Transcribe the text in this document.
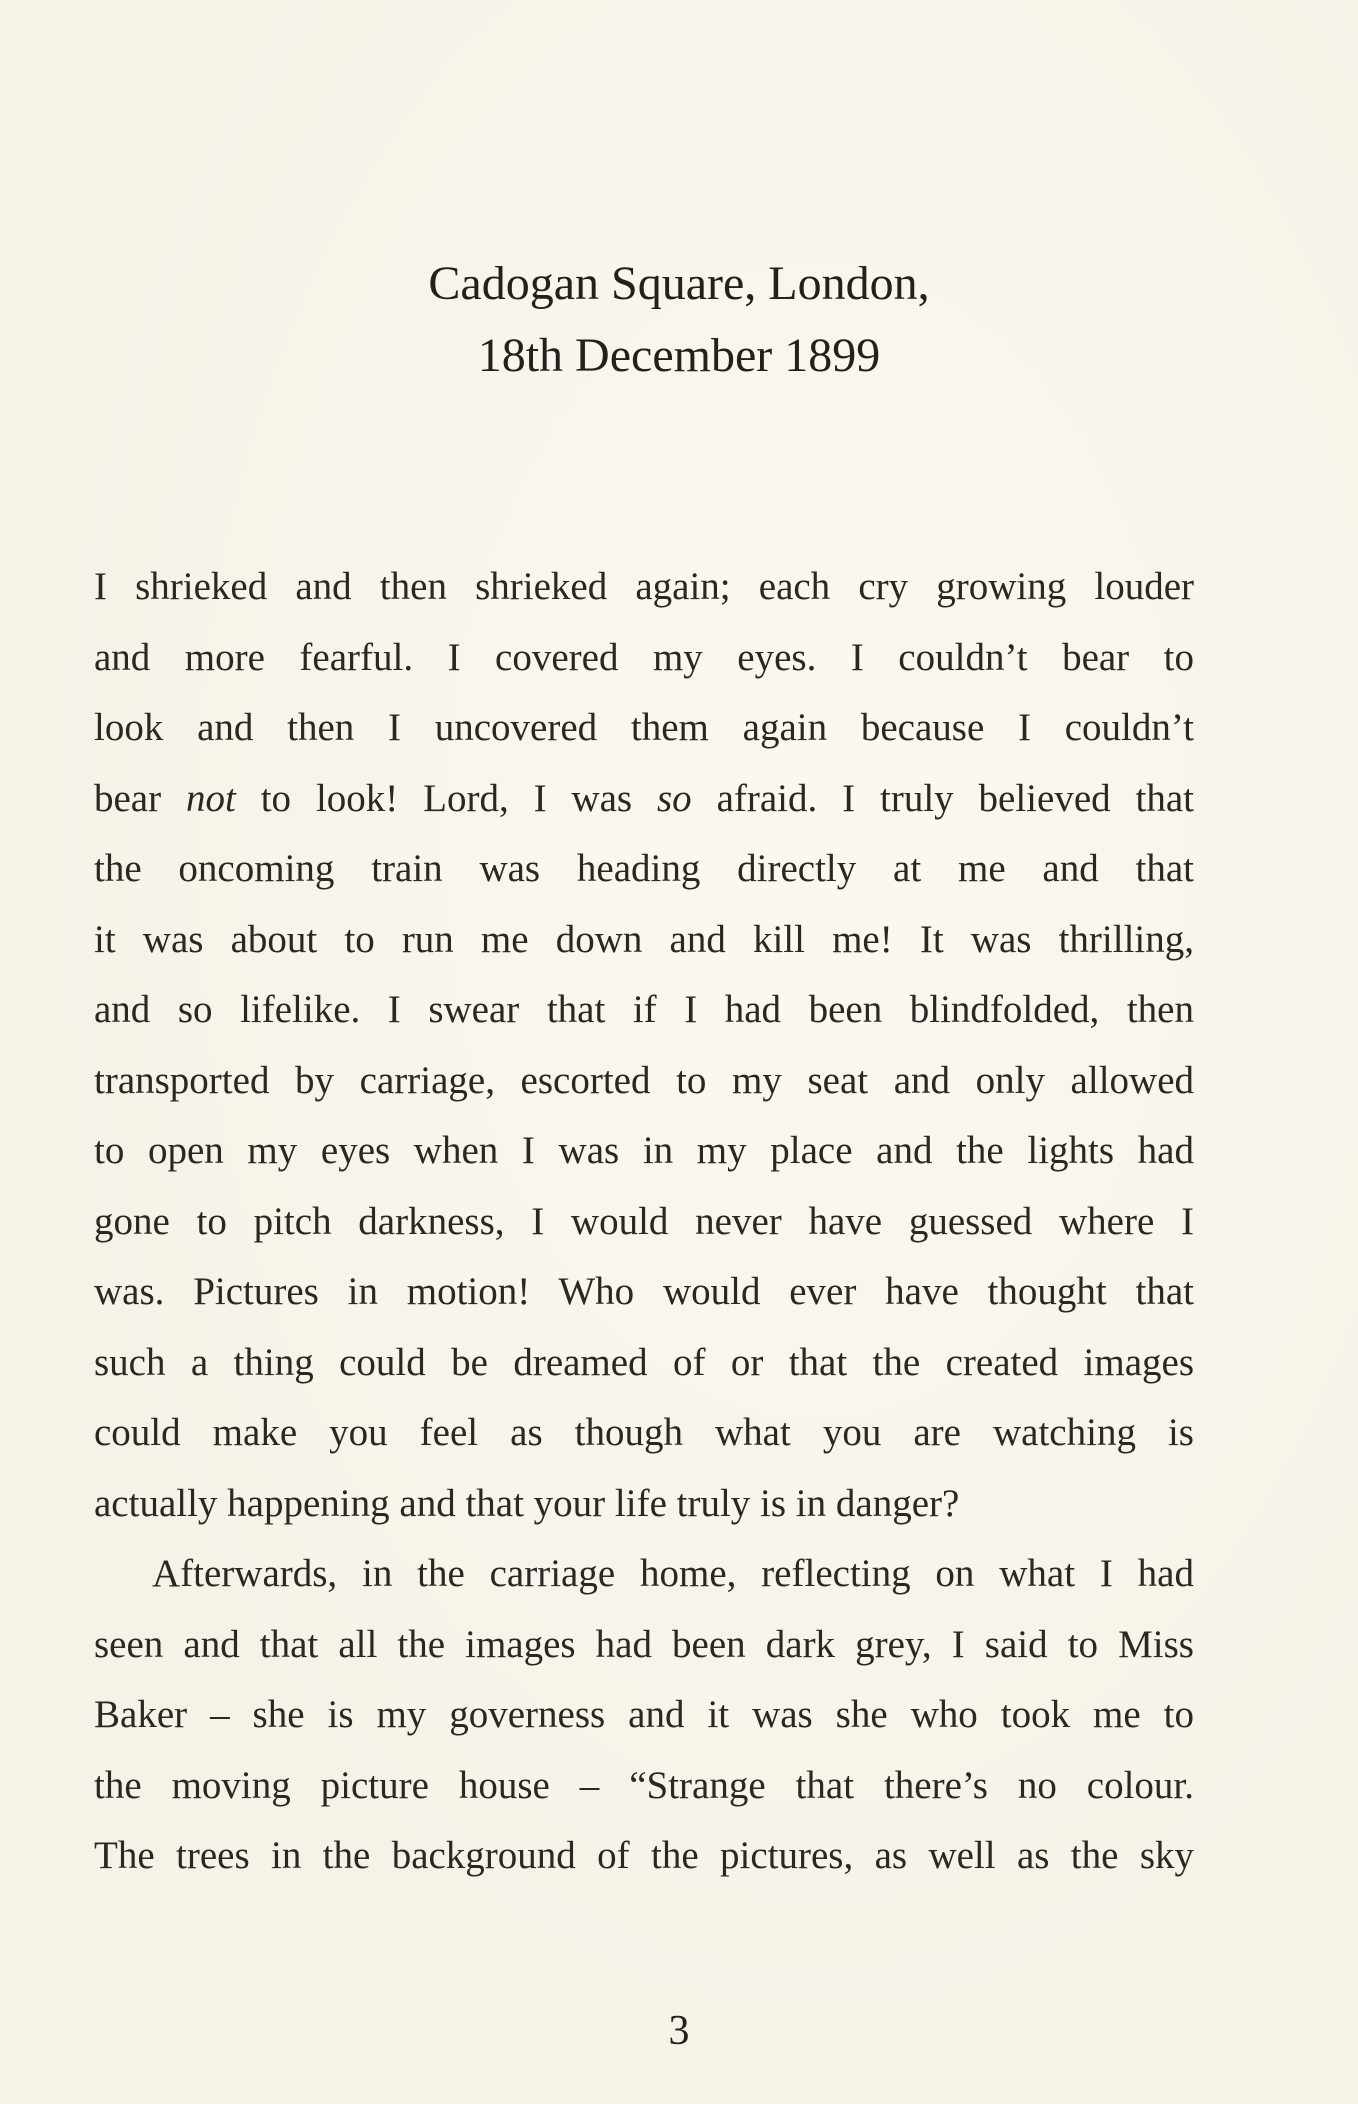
Cadogan Square, London,
18th December 1899
I shrieked and then shrieked again; each cry growing louder
and more fearful. I covered my eyes. I couldn’t bear to
look and then I uncovered them again because I couldn’t
bear not to look! Lord, I was so afraid. I truly believed that
the oncoming train was heading directly at me and that
it was about to run me down and kill me! It was thrilling,
and so lifelike. I swear that if I had been blindfolded, then
transported by carriage, escorted to my seat and only allowed
to open my eyes when I was in my place and the lights had
gone to pitch darkness, I would never have guessed where I
was. Pictures in motion! Who would ever have thought that
such a thing could be dreamed of or that the created images
could make you feel as though what you are watching is
actually happening and that your life truly is in danger?
Afterwards, in the carriage home, reflecting on what I had
seen and that all the images had been dark grey, I said to Miss
Baker – she is my governess and it was she who took me to
the moving picture house – “Strange that there’s no colour.
The trees in the background of the pictures, as well as the sky
3
